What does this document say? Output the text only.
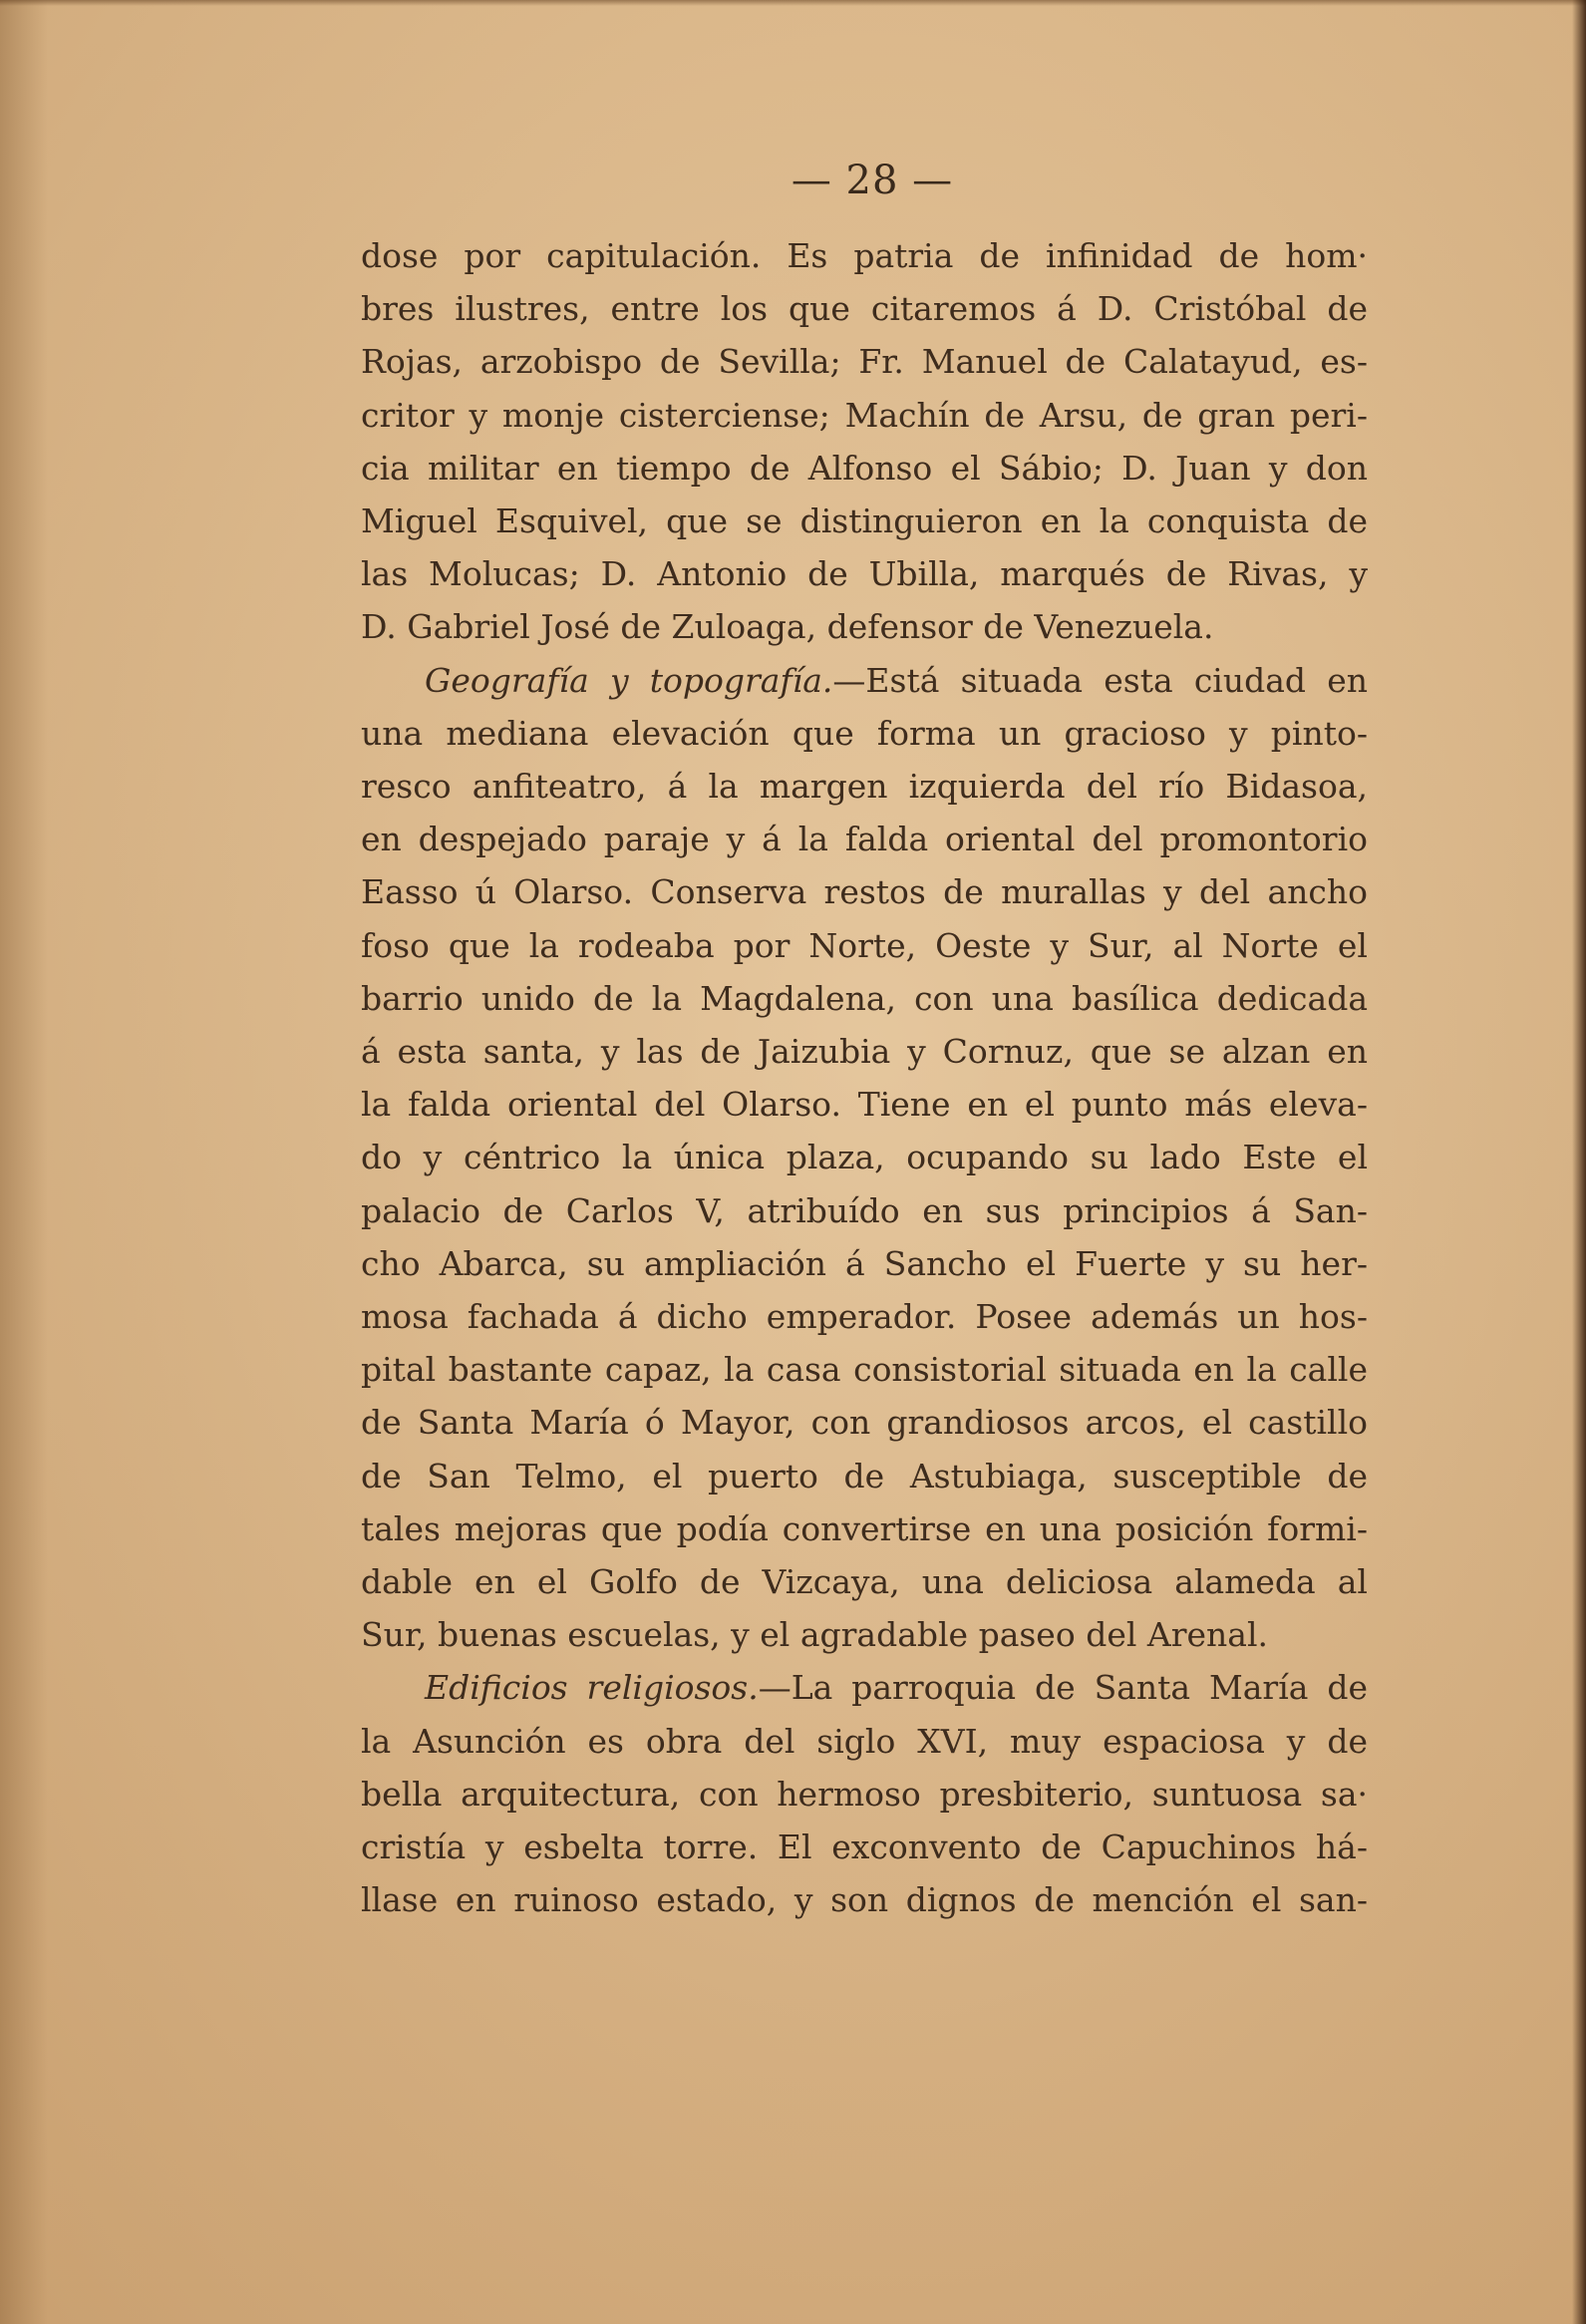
— 28 —
dose por capitulación. Es patria de infinidad de hom·
bres ilustres, entre los que citaremos á D. Cristóbal de
Rojas, arzobispo de Sevilla; Fr. Manuel de Calatayud, es-
critor y monje cisterciense; Machín de Arsu, de gran peri-
cia militar en tiempo de Alfonso el Sábio; D. Juan y don
Miguel Esquivel, que se distinguieron en la conquista de
las Molucas; D. Antonio de Ubilla, marqués de Rivas, y
D. Gabriel José de Zuloaga, defensor de Venezuela.
Geografía y topografía.—Está situada esta ciudad en
una mediana elevación que forma un gracioso y pinto-
resco anfiteatro, á la margen izquierda del río Bidasoa,
en despejado paraje y á la falda oriental del promontorio
Easso ú Olarso. Conserva restos de murallas y del ancho
foso que la rodeaba por Norte, Oeste y Sur, al Norte el
barrio unido de la Magdalena, con una basílica dedicada
á esta santa, y las de Jaizubia y Cornuz, que se alzan en
la falda oriental del Olarso. Tiene en el punto más eleva-
do y céntrico la única plaza, ocupando su lado Este el
palacio de Carlos V, atribuído en sus principios á San-
cho Abarca, su ampliación á Sancho el Fuerte y su her-
mosa fachada á dicho emperador. Posee además un hos-
pital bastante capaz, la casa consistorial situada en la calle
de Santa María ó Mayor, con grandiosos arcos, el castillo
de San Telmo, el puerto de Astubiaga, susceptible de
tales mejoras que podía convertirse en una posición formi-
dable en el Golfo de Vizcaya, una deliciosa alameda al
Sur, buenas escuelas, y el agradable paseo del Arenal.
Edificios religiosos.—La parroquia de Santa María de
la Asunción es obra del siglo XVI, muy espaciosa y de
bella arquitectura, con hermoso presbiterio, suntuosa sa·
cristía y esbelta torre. El exconvento de Capuchinos há-
llase en ruinoso estado, y son dignos de mención el san-
